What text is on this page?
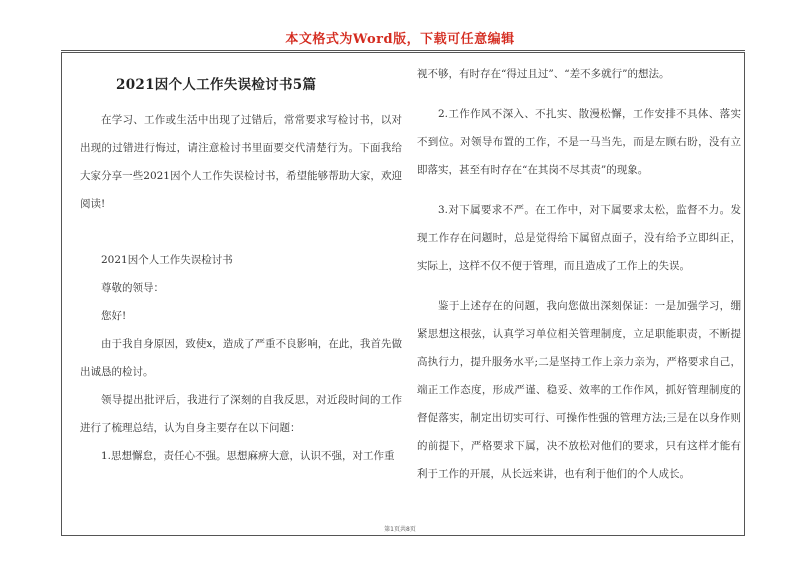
本文格式为Word版，下载可任意编辑
2021因个人工作失误检讨书5篇

在学习、工作或生活中出现了过错后，常常要求写检讨书，以对出现的过错进行悔过，请注意检讨书里面要交代清楚行为。下面我给大家分享一些2021因个人工作失误检讨书，希望能够帮助大家，欢迎阅读!

2021因个人工作失误检讨书

尊敬的领导：

您好!

由于我自身原因，致使x，造成了严重不良影响，在此，我首先做出诚恳的检讨。

领导提出批评后，我进行了深刻的自我反思，对近段时间的工作进行了梳理总结，认为自身主要存在以下问题：

1.思想懈怠，责任心不强。思想麻痹大意，认识不强，对工作重

视不够，有时存在“得过且过”、“差不多就行”的想法。

2.工作作风不深入、不扎实、散漫松懈，工作安排不具体、落实不到位。对领导布置的工作，不是一马当先，而是左顾右盼，没有立即落实，甚至有时存在“在其岗不尽其责”的现象。

3.对下属要求不严。在工作中，对下属要求太松，监督不力。发现工作存在问题时，总是觉得给下属留点面子，没有给予立即纠正，实际上，这样不仅不便于管理，而且造成了工作上的失误。

鉴于上述存在的问题，我向您做出深刻保证：一是加强学习，绷紧思想这根弦，认真学习单位相关管理制度，立足职能职责，不断提高执行力，提升服务水平;二是坚持工作上亲力亲为，严格要求自己，端正工作态度，形成严谨、稳妥、效率的工作作风，抓好管理制度的督促落实，制定出切实可行、可操作性强的管理方法;三是在以身作则的前提下，严格要求下属，决不放松对他们的要求，只有这样才能有利于工作的开展，从长远来讲，也有利于他们的个人成长。

第1页共8页
